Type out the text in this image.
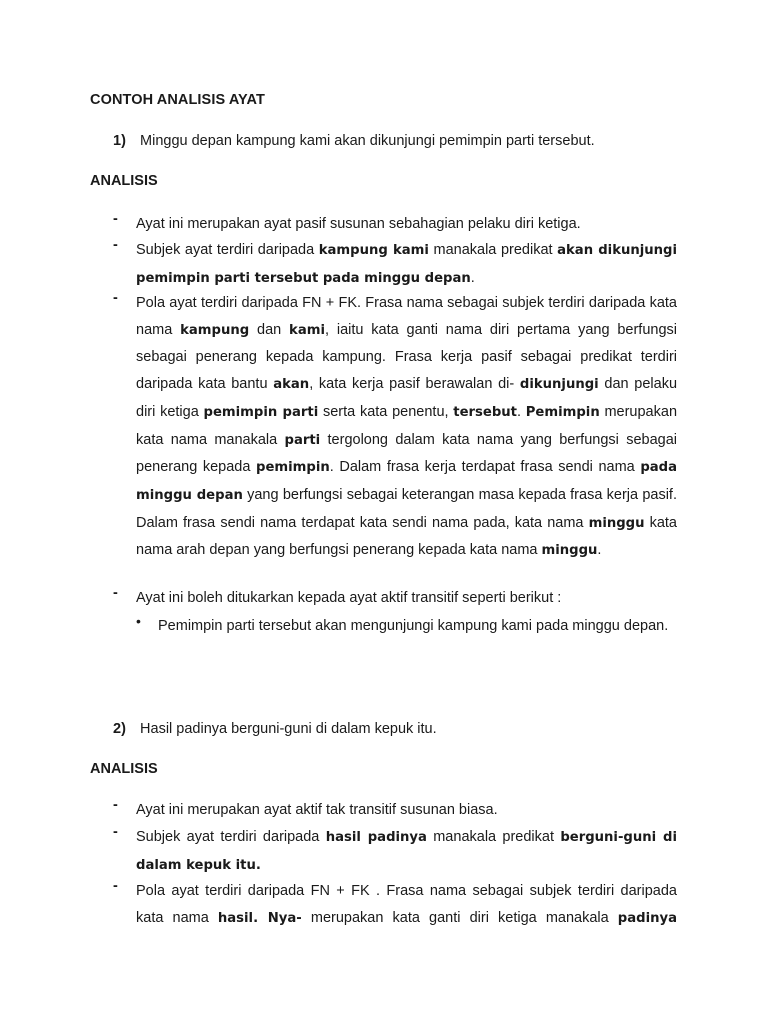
CONTOH ANALISIS AYAT
1) Minggu depan kampung kami akan dikunjungi pemimpin parti tersebut.
ANALISIS
- Ayat ini merupakan ayat pasif susunan sebahagian pelaku diri ketiga.
- Subjek ayat terdiri daripada kampung kami manakala predikat akan dikunjungi pemimpin parti tersebut pada minggu depan.
- Pola ayat terdiri daripada FN + FK. Frasa nama sebagai subjek terdiri daripada kata nama kampung dan kami, iaitu kata ganti nama diri pertama yang berfungsi sebagai penerang kepada kampung. Frasa kerja pasif sebagai predikat terdiri daripada kata bantu akan, kata kerja pasif berawalan di- dikunjungi dan pelaku diri ketiga pemimpin parti serta kata penentu, tersebut. Pemimpin merupakan kata nama manakala parti tergolong dalam kata nama yang berfungsi sebagai penerang kepada pemimpin. Dalam frasa kerja terdapat frasa sendi nama pada minggu depan yang berfungsi sebagai keterangan masa kepada frasa kerja pasif. Dalam frasa sendi nama terdapat kata sendi nama pada, kata nama minggu kata nama arah depan yang berfungsi penerang kepada kata nama minggu.
- Ayat ini boleh ditukarkan kepada ayat aktif transitif seperti berikut :
• Pemimpin parti tersebut akan mengunjungi kampung kami pada minggu depan.
2) Hasil padinya berguni-guni di dalam kepuk itu.
ANALISIS
- Ayat ini merupakan ayat aktif tak transitif susunan biasa.
- Subjek ayat terdiri daripada hasil padinya manakala predikat berguni-guni di dalam kepuk itu.
- Pola ayat terdiri daripada FN + FK . Frasa nama sebagai subjek terdiri daripada kata nama hasil. Nya- merupakan kata ganti diri ketiga manakala padinya
